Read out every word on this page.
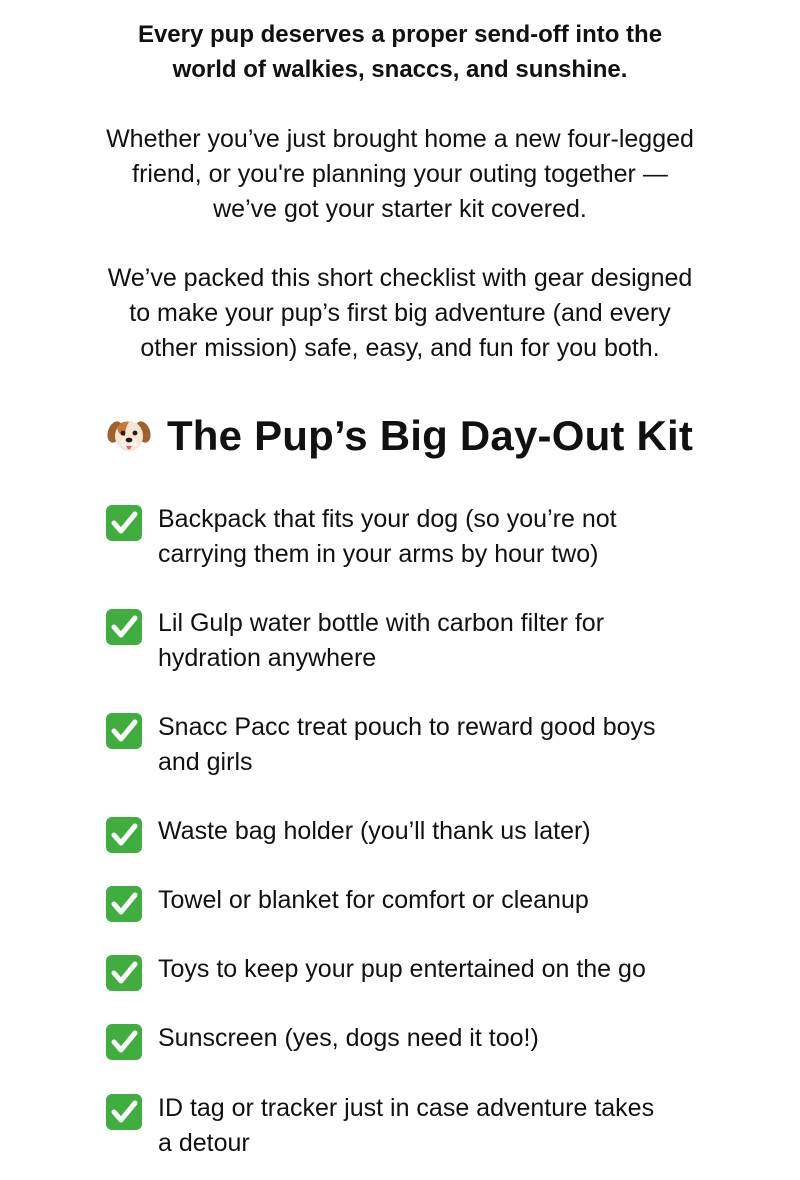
Every pup deserves a proper send-off into the
world of walkies, snaccs, and sunshine.

Whether you’ve just brought home a new four-legged
friend, or you're planning your outing together —
we’ve got your starter kit covered.

We’ve packed this short checklist with gear designed
to make your pup’s first big adventure (and every
other mission) safe, easy, and fun for you both.

The Pup’s Big Day-Out Kit
Backpack that fits your dog (so you’re not
carrying them in your arms by hour two)
Lil Gulp water bottle with carbon filter for
hydration anywhere
Snacc Pacc treat pouch to reward good boys
and girls
Waste bag holder (you’ll thank us later)
Towel or blanket for comfort or cleanup
Toys to keep your pup entertained on the go
Sunscreen (yes, dogs need it too!)
ID tag or tracker just in case adventure takes
a detour
